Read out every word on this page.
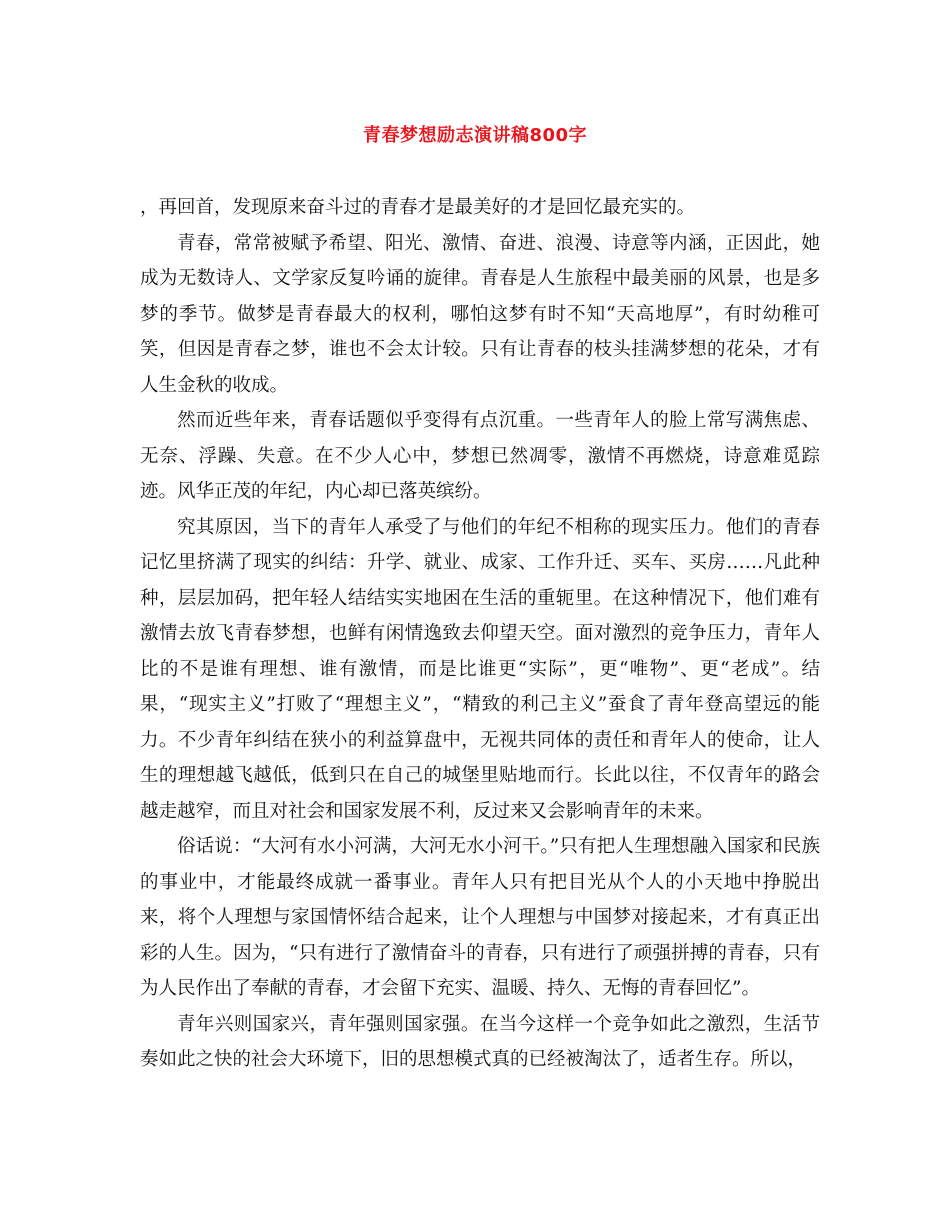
青春梦想励志演讲稿800字

，再回首，发现原来奋斗过的青春才是最美好的才是回忆最充实的。

青春，常常被赋予希望、阳光、激情、奋进、浪漫、诗意等内涵，正因此，她成为无数诗人、文学家反复吟诵的旋律。青春是人生旅程中最美丽的风景，也是多梦的季节。做梦是青春最大的权利，哪怕这梦有时不知“天高地厚”，有时幼稚可笑，但因是青春之梦，谁也不会太计较。只有让青春的枝头挂满梦想的花朵，才有人生金秋的收成。

然而近些年来，青春话题似乎变得有点沉重。一些青年人的脸上常写满焦虑、无奈、浮躁、失意。在不少人心中，梦想已然凋零，激情不再燃烧，诗意难觅踪迹。风华正茂的年纪，内心却已落英缤纷。

究其原因，当下的青年人承受了与他们的年纪不相称的现实压力。他们的青春记忆里挤满了现实的纠结：升学、就业、成家、工作升迁、买车、买房……凡此种种，层层加码，把年轻人结结实实地困在生活的重轭里。在这种情况下，他们难有激情去放飞青春梦想，也鲜有闲情逸致去仰望天空。面对激烈的竞争压力，青年人比的不是谁有理想、谁有激情，而是比谁更“实际”，更“唯物”、更“老成”。结果，“现实主义”打败了“理想主义”，“精致的利己主义”蚕食了青年登高望远的能力。不少青年纠结在狭小的利益算盘中，无视共同体的责任和青年人的使命，让人生的理想越飞越低，低到只在自己的城堡里贴地而行。长此以往，不仅青年的路会越走越窄，而且对社会和国家发展不利，反过来又会影响青年的未来。

俗话说：“大河有水小河满，大河无水小河干。”只有把人生理想融入国家和民族的事业中，才能最终成就一番事业。青年人只有把目光从个人的小天地中挣脱出来，将个人理想与家国情怀结合起来，让个人理想与中国梦对接起来，才有真正出彩的人生。因为，“只有进行了激情奋斗的青春，只有进行了顽强拼搏的青春，只有为人民作出了奉献的青春，才会留下充实、温暖、持久、无悔的青春回忆”。

青年兴则国家兴，青年强则国家强。在当今这样一个竞争如此之激烈，生活节奏如此之快的社会大环境下，旧的思想模式真的已经被淘汰了，适者生存。所以，
